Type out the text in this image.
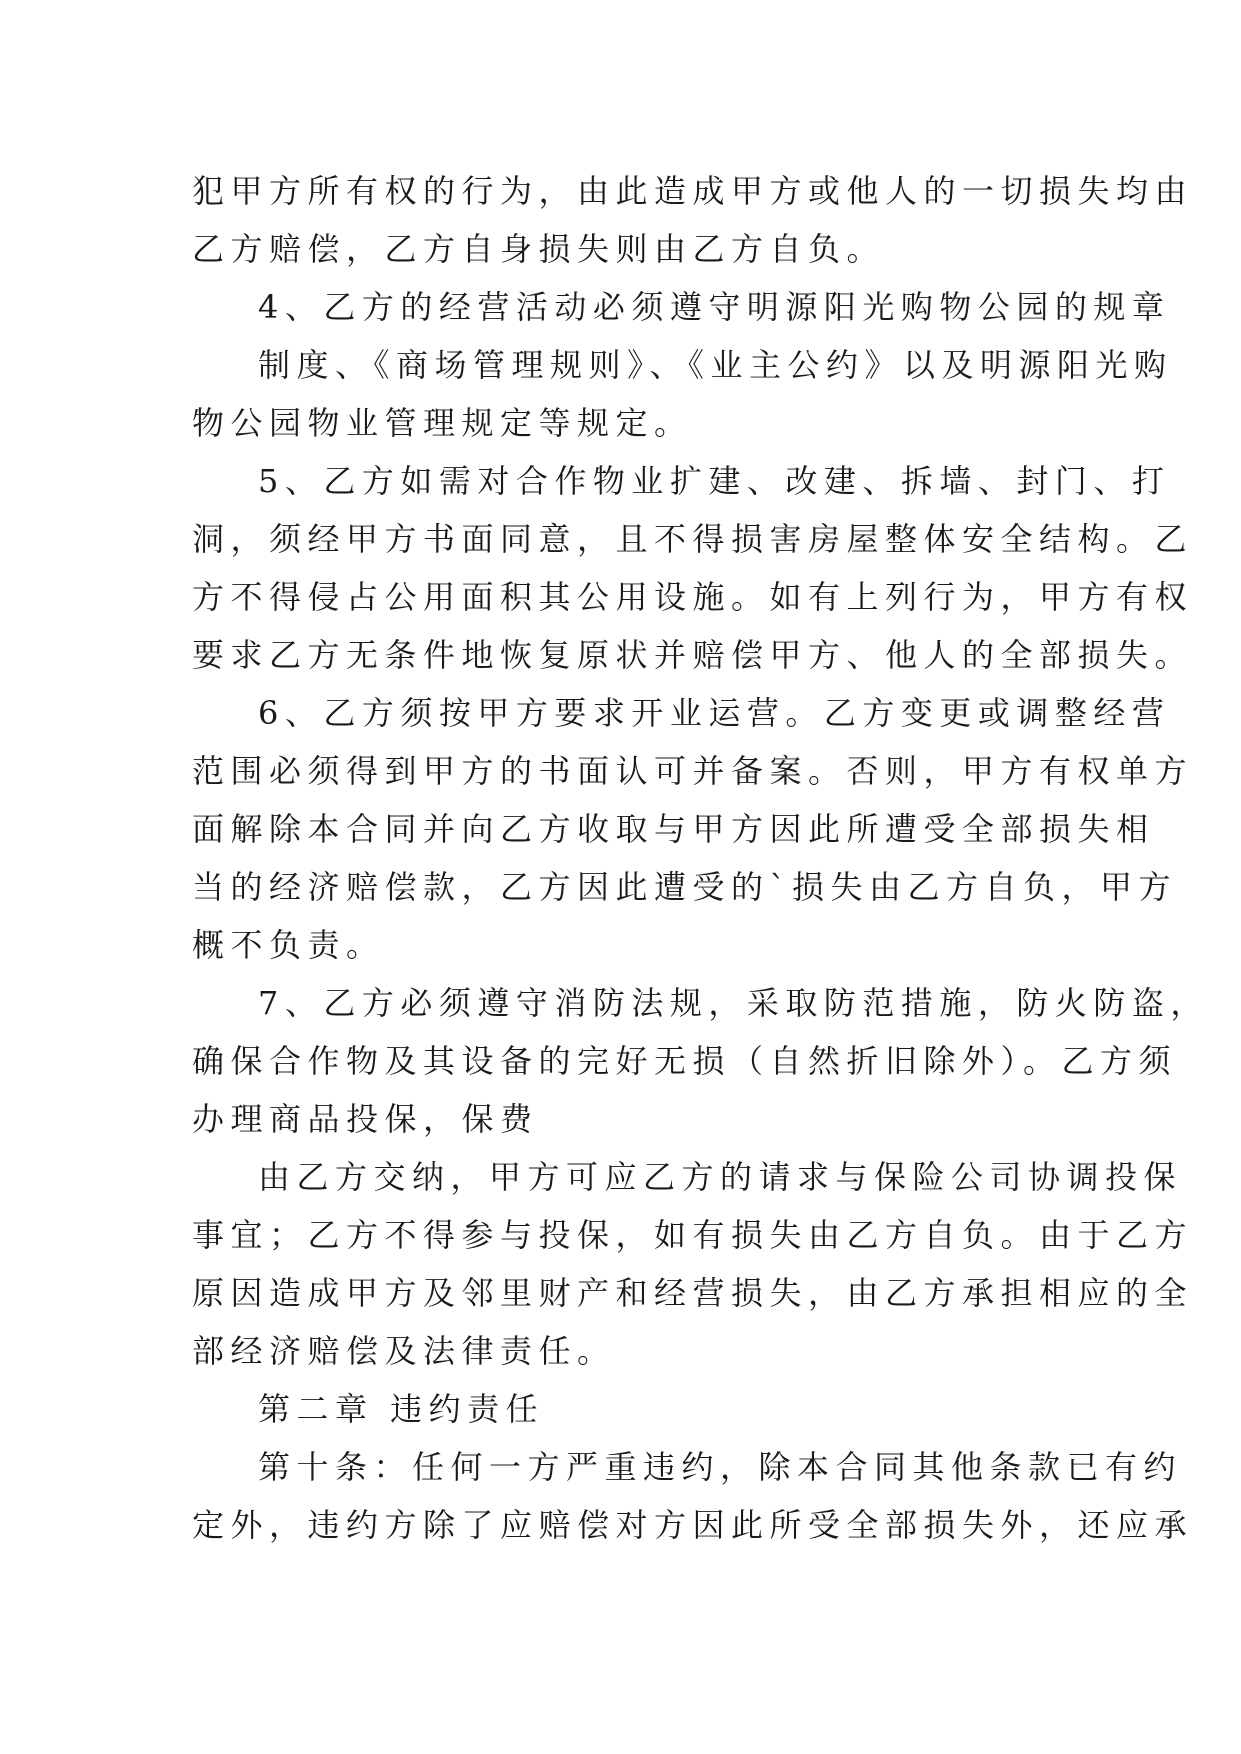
犯甲方所有权的行为，由此造成甲方或他人的一切损失均由
乙方赔偿，乙方自身损失则由乙方自负。
4、乙方的经营活动必须遵守明源阳光购物公园的规章
制度、《商场管理规则》、《业主公约》以及明源阳光购
物公园物业管理规定等规定。
5、乙方如需对合作物业扩建、改建、拆墙、封门、打
洞，须经甲方书面同意，且不得损害房屋整体安全结构。乙
方不得侵占公用面积其公用设施。如有上列行为，甲方有权
要求乙方无条件地恢复原状并赔偿甲方、他人的全部损失。
6、乙方须按甲方要求开业运营。乙方变更或调整经营
范围必须得到甲方的书面认可并备案。否则，甲方有权单方
面解除本合同并向乙方收取与甲方因此所遭受全部损失相
当的经济赔偿款，乙方因此遭受的`损失由乙方自负，甲方
概不负责。
7、乙方必须遵守消防法规，采取防范措施，防火防盗，
确保合作物及其设备的完好无损（自然折旧除外）。乙方须
办理商品投保，保费
由乙方交纳，甲方可应乙方的请求与保险公司协调投保
事宜；乙方不得参与投保，如有损失由乙方自负。由于乙方
原因造成甲方及邻里财产和经营损失，由乙方承担相应的全
部经济赔偿及法律责任。
第二章 违约责任
第十条：任何一方严重违约，除本合同其他条款已有约
定外，违约方除了应赔偿对方因此所受全部损失外，还应承
